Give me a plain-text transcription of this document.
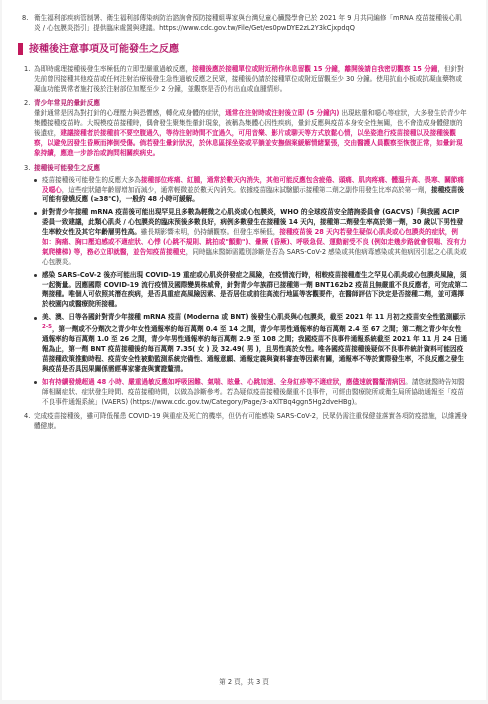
8. 衛生福利部疾病管制署、衛生福利部傳染病防治諮詢會預防接種組專家與台灣兒童心臟醫學會已於 2021 年 9 月共同編修「mRNA 疫苗接種後心肌炎 / 心包膜炎指引」提供臨床處置與建議。https://www.cdc.gov.tw/File/Get/es0pwDYE2zL2Y3kCjxpdqQ

接種後注意事項及可能發生之反應
1. 為即時處理接種後發生率極低的立即型嚴重過敏反應，接種後應於接種單位或附近稍作休息留觀 15 分鐘，離開後請自我密切觀察 15 分鐘，但針對先前曾因接種其他疫苗或任何注射治療後發生急性過敏反應之民眾，接種後仍請於接種單位或附近留觀至少 30 分鐘。使用抗血小板或抗凝血藥物或凝血功能異常者施打後於注射部位加壓至少 2 分鐘，並觀察是否仍有出血或血腫情形。

2. 青少年常見的暈針反應

暈針通常是因為對打針的心理壓力與恐懼感，轉化成身體的症狀，通常在注射時或注射後立即 (5 分鐘內) 出現眩暈和噁心等症狀，大多發生於青少年集體接種疫苗時。大規模疫苗接種時，偶會發生聚集性暈針現象，被稱為集體心因性疾病，暈針反應與疫苗本身安全性無關，也不會造成身體健康的後遺症，建議接種者於接種前不要空腹過久，等待注射時間不宜過久，可用音樂、影片或聊天等方式放鬆心情，以坐姿進行疫苗接種以及接種後觀察，以避免因發生昏厥而摔倒受傷。倘若發生暈針狀況，於休息區採坐姿或平躺並安撫個案緩解情緒緊張，交由醫護人員觀察至恢復正常，如暈針現象持續，應進一步診治或詢問相關疾病史。

3. 接種後可能發生之反應

疫苗接種後可能發生的反應大多為接種部位疼痛、紅腫，通常於數天內消失，其他可能反應包含疲倦、頭痛、肌肉疼痛、體溫升高、畏寒、關節痛及噁心，這些症狀隨年齡層增加而減少，通常輕微並於數天內消失。依據疫苗臨床試驗顯示接種第二劑之副作用發生比率高於第一劑，接種疫苗後可能有發燒反應 (≥38℃)，一般約 48 小時可緩解。
針對青少年接種 mRNA 疫苗後可能出現罕見且多數為輕微之心肌炎或心包膜炎，WHO 的全球疫苗安全諮詢委員會 (GACVS)「與我國 ACIP 委員一致建議，此類心肌炎 / 心包膜炎的臨床预後多數良好，病例多數發生在接種後 14 天內，接種第二劑發生率高於第一劑，30 歲以下男性發生率較女性及其它年齡層男性高。雖長期影響未明，仍持續觀察。但發生率極低，接種疫苗後 28 天內若發生疑似心肌炎或心包膜炎的症狀，例如：胸痛、胸口壓迫感或不適症狀、心悸 (心跳不規則、跳拍或"顫動")、暈厥 (昏厥)、呼吸急促、運動耐受不良 (例如走幾步路就會很喘、沒有力氣爬樓梯) 等，務必立即就醫，並告知疫苗接種史，同時臨床醫師需鑑別診斷是否為 SARS-CoV-2 感染或其他病毒感染或其他病因引起之心肌炎或心包膜炎。
感染 SARS-CoV-2 後亦可能出現 COVID-19 重症或心肌炎併發症之風險，在疫情流行時，相較疫苗接種產生之罕見心肌炎或心包膜炎風險，須一起衡量。因應國際 COVID-19 流行疫情及國際變異株威脅，針對青少年族群已接種第一劑 BNT162b2 疫苗且無嚴重不良反應者，可完成第二劑接種。唯個人可依照其潛在疾病，是否具重症高風險因素、是否居住或前往高流行地區等客觀要件，在醫師評估下決定是否接種二劑，並可選擇於校園內或醫療院所接種。
美、澳、日等各國針對青少年接種 mRNA 疫苗 (Moderna 或 BNT) 後發生心肌炎與心包膜炎，截至 2021 年 11 月初之疫苗安全性監測顯示$^{2-5}$，第一劑或不分劑次之青少年女性通報率約每百萬劑 0.4 至 14 之間，青少年男性通報率約每百萬劑 2.4 至 67 之間；第二劑之青少年女性通報率約每百萬劑 1.0 至 26 之間，青少年男性通報率約每百萬劑 2.9 至 108 之間；我國疫苗不良事件通報系統截至 2021 年 11 月 24 日通報為止，第一劑 BNT 疫苗接種後約每百萬劑 7.35( 女 ) 及 32.49( 男 )，且男性高於女性。唯各國疫苗接種後疑似不良事件統計資料可能因疫苗接種政策推動時程、疫苗安全性被動監測系統完備性、通報意願、通報定義與資料審查等因素有關，通報率不等於實際發生率，不良反應之發生與疫苗是否具因果關係需經專家審查與實證釐清。
如有持續發燒超過 48 小時、嚴重過敏反應如呼吸困難、氣喘、眩暈、心跳加速、全身紅疹等不適症狀，應儘速就醫釐清病因。請您就醫時告知醫師相關症狀、症狀發生時間、疫苗接種時間，以做為診斷參考。若為疑似疫苗接種後嚴重不良事件，可經由醫療院所或衛生局所協助通報至「疫苗不良事件通報系統」(VAERS) (https://www.cdc.gov.tw/Category/Page/3-aXlTBq4ggn5Hg2dveHBg)。
4. 完成疫苗接種後，雖可降低罹患 COVID-19 與重症及死亡的機率，但仍有可能感染 SARS-CoV-2，民眾仍需注重保健並落實各項防疫措施，以維護身體健康。

第 2 頁，共 3 頁
